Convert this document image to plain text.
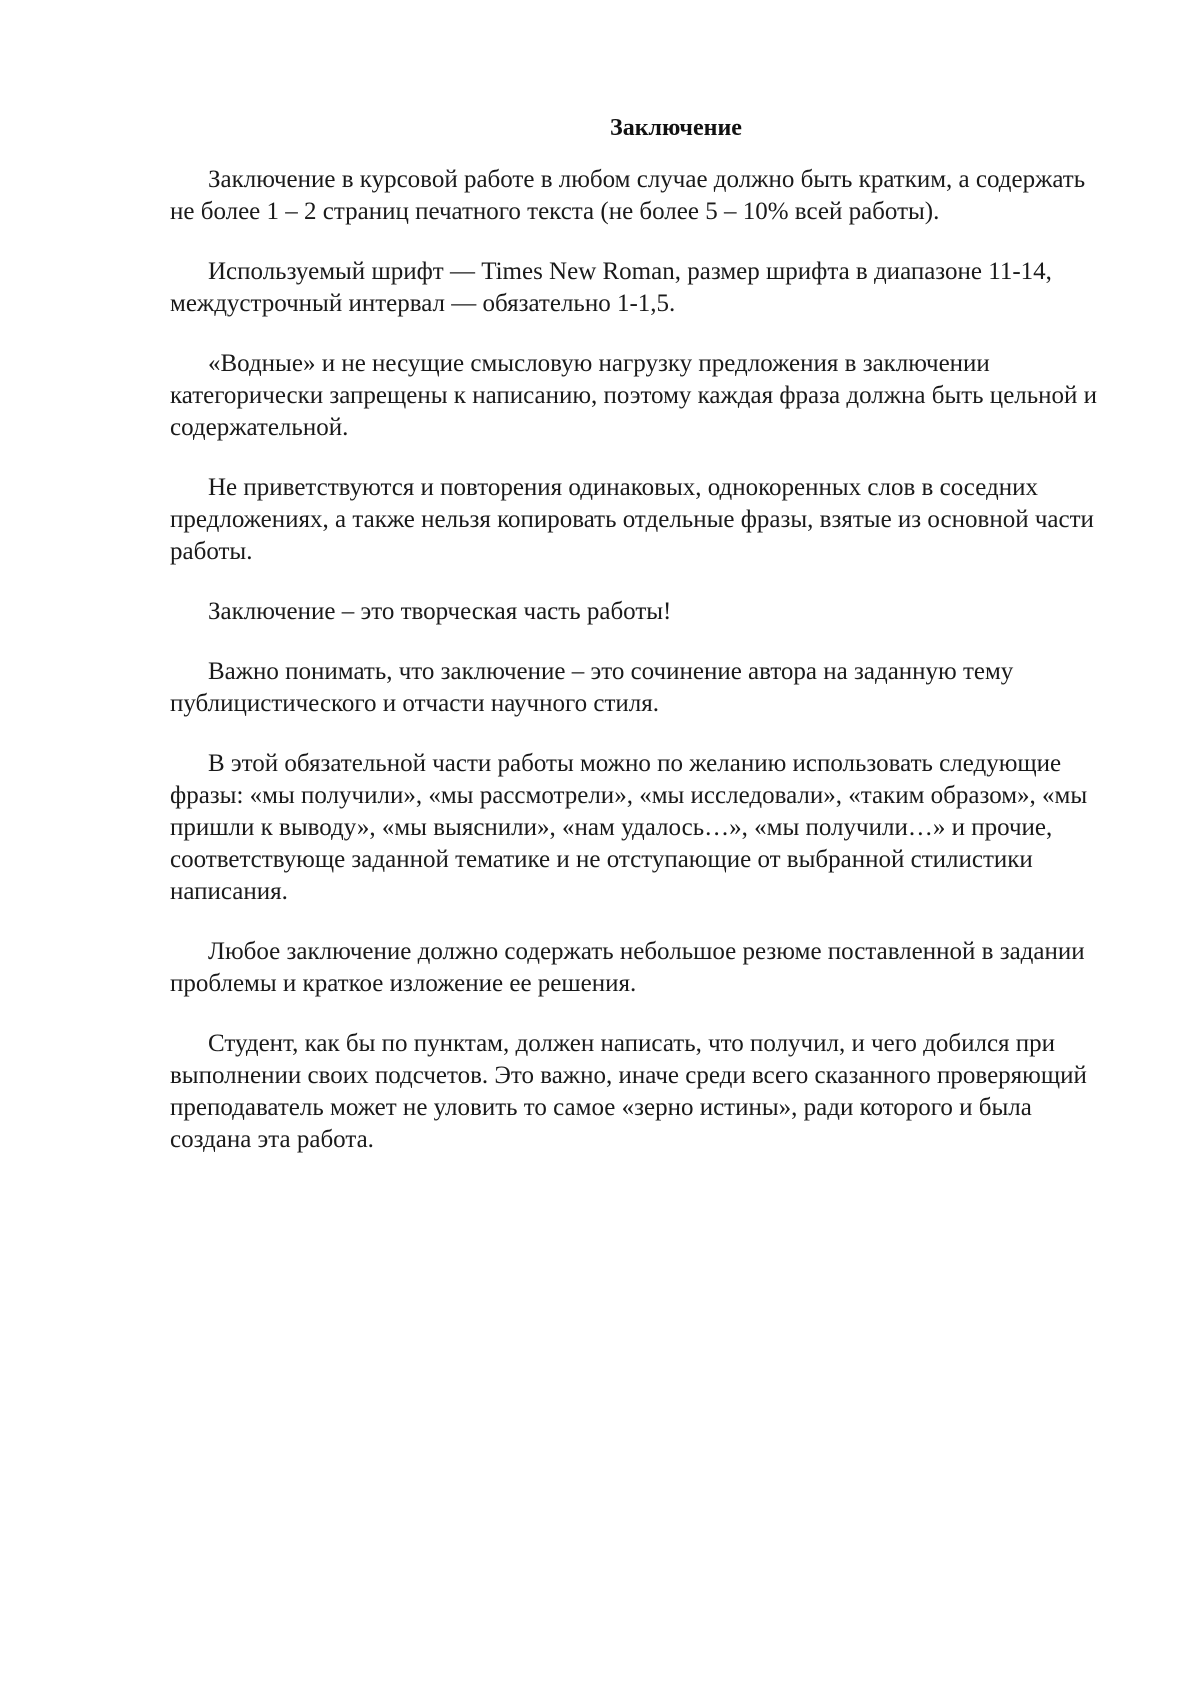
Заключение

Заключение в курсовой работе в любом случае должно быть кратким, а содержать не более 1 – 2 страниц печатного текста (не более 5 – 10% всей работы).

Используемый шрифт — Times New Roman, размер шрифта в диапазоне 11-14, междустрочный интервал — обязательно 1-1,5.

«Водные» и не несущие смысловую нагрузку предложения в заключении категорически запрещены к написанию, поэтому каждая фраза должна быть цельной и содержательной.

Не приветствуются и повторения одинаковых, однокоренных слов в соседних предложениях, а также нельзя копировать отдельные фразы, взятые из основной части работы.

Заключение – это творческая часть работы!

Важно понимать, что заключение – это сочинение автора на заданную тему публицистического и отчасти научного стиля.

В этой обязательной части работы можно по желанию использовать следующие фразы: «мы получили», «мы рассмотрели», «мы исследовали», «таким образом», «мы пришли к выводу», «мы выяснили», «нам удалось…», «мы получили…» и прочие, соответствующе заданной тематике и не отступающие от выбранной стилистики написания.

Любое заключение должно содержать небольшое резюме поставленной в задании проблемы и краткое изложение ее решения.

Студент, как бы по пунктам, должен написать, что получил, и чего добился при выполнении своих подсчетов. Это важно, иначе среди всего сказанного проверяющий преподаватель может не уловить то самое «зерно истины», ради которого и была создана эта работа.
